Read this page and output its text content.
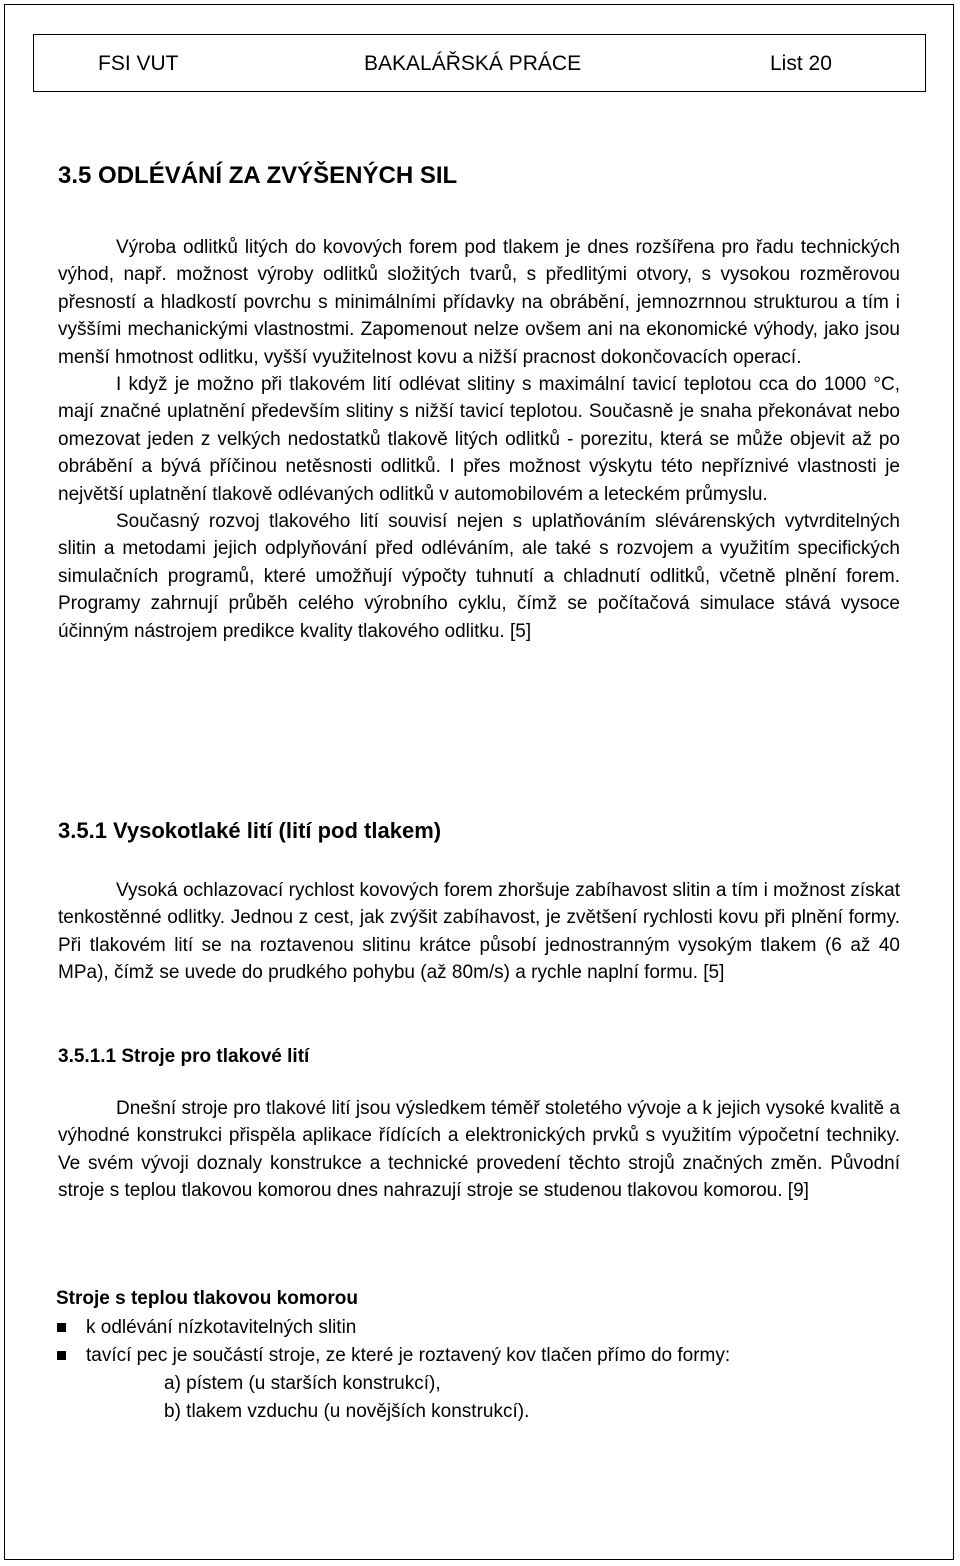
FSI VUT	BAKALÁŘSKÁ PRÁCE	List 20
3.5 ODLÉVÁNÍ ZA ZVÝŠENÝCH SIL

Výroba odlitků litých do kovových forem pod tlakem je dnes rozšířena pro řadu technických výhod, např. možnost výroby odlitků složitých tvarů, s předlitými otvory, s vysokou rozměrovou přesností a hladkostí povrchu s minimálními přídavky na obrábění, jemnozrnnou strukturou a tím i vyššími mechanickými vlastnostmi. Zapomenout nelze ovšem ani na ekonomické výhody, jako jsou menší hmotnost odlitku, vyšší využitelnost kovu a nižší pracnost dokončovacích operací.

I když je možno při tlakovém lití odlévat slitiny s maximální tavicí teplotou cca do 1000 °C, mají značné uplatnění především slitiny s nižší tavicí teplotou. Současně je snaha překonávat nebo omezovat jeden z velkých nedostatků tlakově litých odlitků - porezitu, která se může objevit až po obrábění a bývá příčinou netěsnosti odlitků. I přes možnost výskytu této nepříznivé vlastnosti je největší uplatnění tlakově odlévaných odlitků v automobilovém a leteckém průmyslu.

Současný rozvoj tlakového lití souvisí nejen s uplatňováním slévárenských vytvrditelných slitin a metodami jejich odplyňování před odléváním, ale také s rozvojem a využitím specifických simulačních programů, které umožňují výpočty tuhnutí a chladnutí odlitků, včetně plnění forem. Programy zahrnují průběh celého výrobního cyklu, čímž se počítačová simulace stává vysoce účinným nástrojem predikce kvality tlakového odlitku. [5]

3.5.1 Vysokotlaké lití (lití pod tlakem)

Vysoká ochlazovací rychlost kovových forem zhoršuje zabíhavost slitin a tím i možnost získat tenkostěnné odlitky. Jednou z cest, jak zvýšit zabíhavost, je zvětšení rychlosti kovu při plnění formy. Při tlakovém lití se na roztavenou slitinu krátce působí jednostranným vysokým tlakem (6 až 40 MPa), čímž se uvede do prudkého pohybu (až 80m/s) a rychle naplní formu. [5]

3.5.1.1 Stroje pro tlakové lití

Dnešní stroje pro tlakové lití jsou výsledkem téměř stoletého vývoje a k jejich vysoké kvalitě a výhodné konstrukci přispěla aplikace řídících a elektronických prvků s využitím výpočetní techniky. Ve svém vývoji doznaly konstrukce a technické provedení těchto strojů značných změn. Původní stroje s teplou tlakovou komorou dnes nahrazují stroje se studenou tlakovou komorou. [9]

Stroje s teplou tlakovou komorou
k odlévání nízkotavitelných slitin
tavící pec je součástí stroje, ze které je roztavený kov tlačen přímo do formy:
a) pístem (u starších konstrukcí),
b) tlakem vzduchu (u novějších konstrukcí).
